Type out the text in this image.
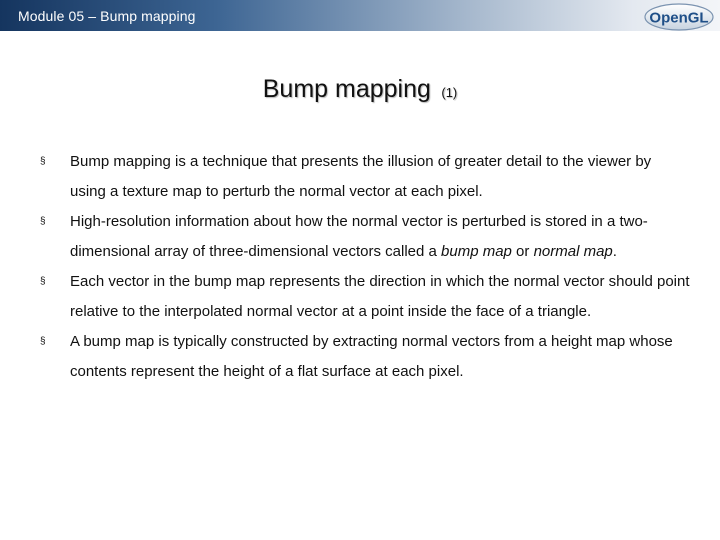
Module 05 – Bump mapping	OpenGL
Bump mapping (1)
§ Bump mapping is a technique that presents the illusion of greater detail to the viewer by using a texture map to perturb the normal vector at each pixel.
§ High-resolution information about how the normal vector is perturbed is stored in a two-dimensional array of three-dimensional vectors called a bump map or normal map.
§ Each vector in the bump map represents the direction in which the normal vector should point relative to the interpolated normal vector at a point inside the face of a triangle.
§ A bump map is typically constructed by extracting normal vectors from a height map whose contents represent the height of a flat surface at each pixel.
